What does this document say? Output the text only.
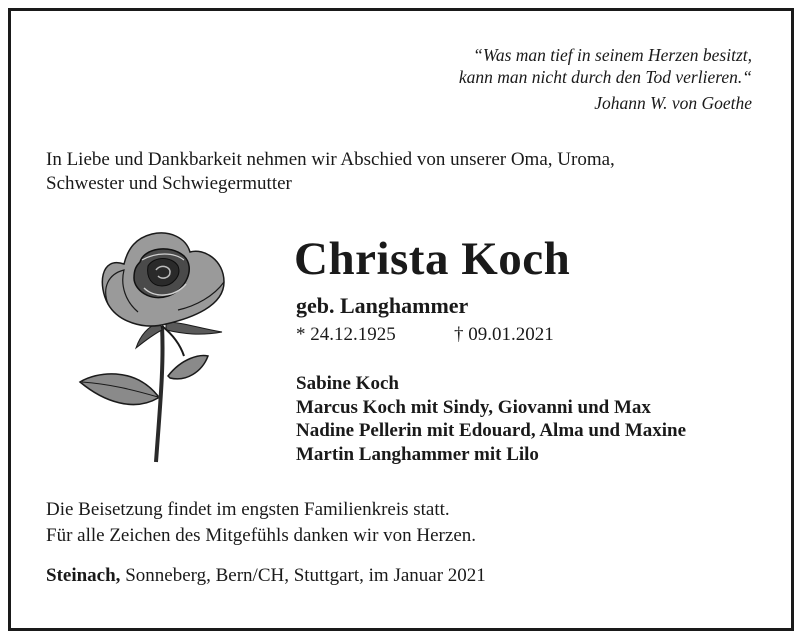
“Was man tief in seinem Herzen besitzt,
kann man nicht durch den Tod verlieren.“
Johann W. von Goethe
In Liebe und Dankbarkeit nehmen wir Abschied von unserer Oma, Uroma,
Schwester und Schwiegermutter
Christa Koch
geb. Langhammer
* 24.12.1925	† 09.01.2021
Sabine Koch
Marcus Koch mit Sindy, Giovanni und Max
Nadine Pellerin mit Edouard, Alma und Maxine
Martin Langhammer mit Lilo
Die Beisetzung findet im engsten Familienkreis statt.
Für alle Zeichen des Mitgefühls danken wir von Herzen.
Steinach, Sonneberg, Bern/CH, Stuttgart, im Januar 2021
